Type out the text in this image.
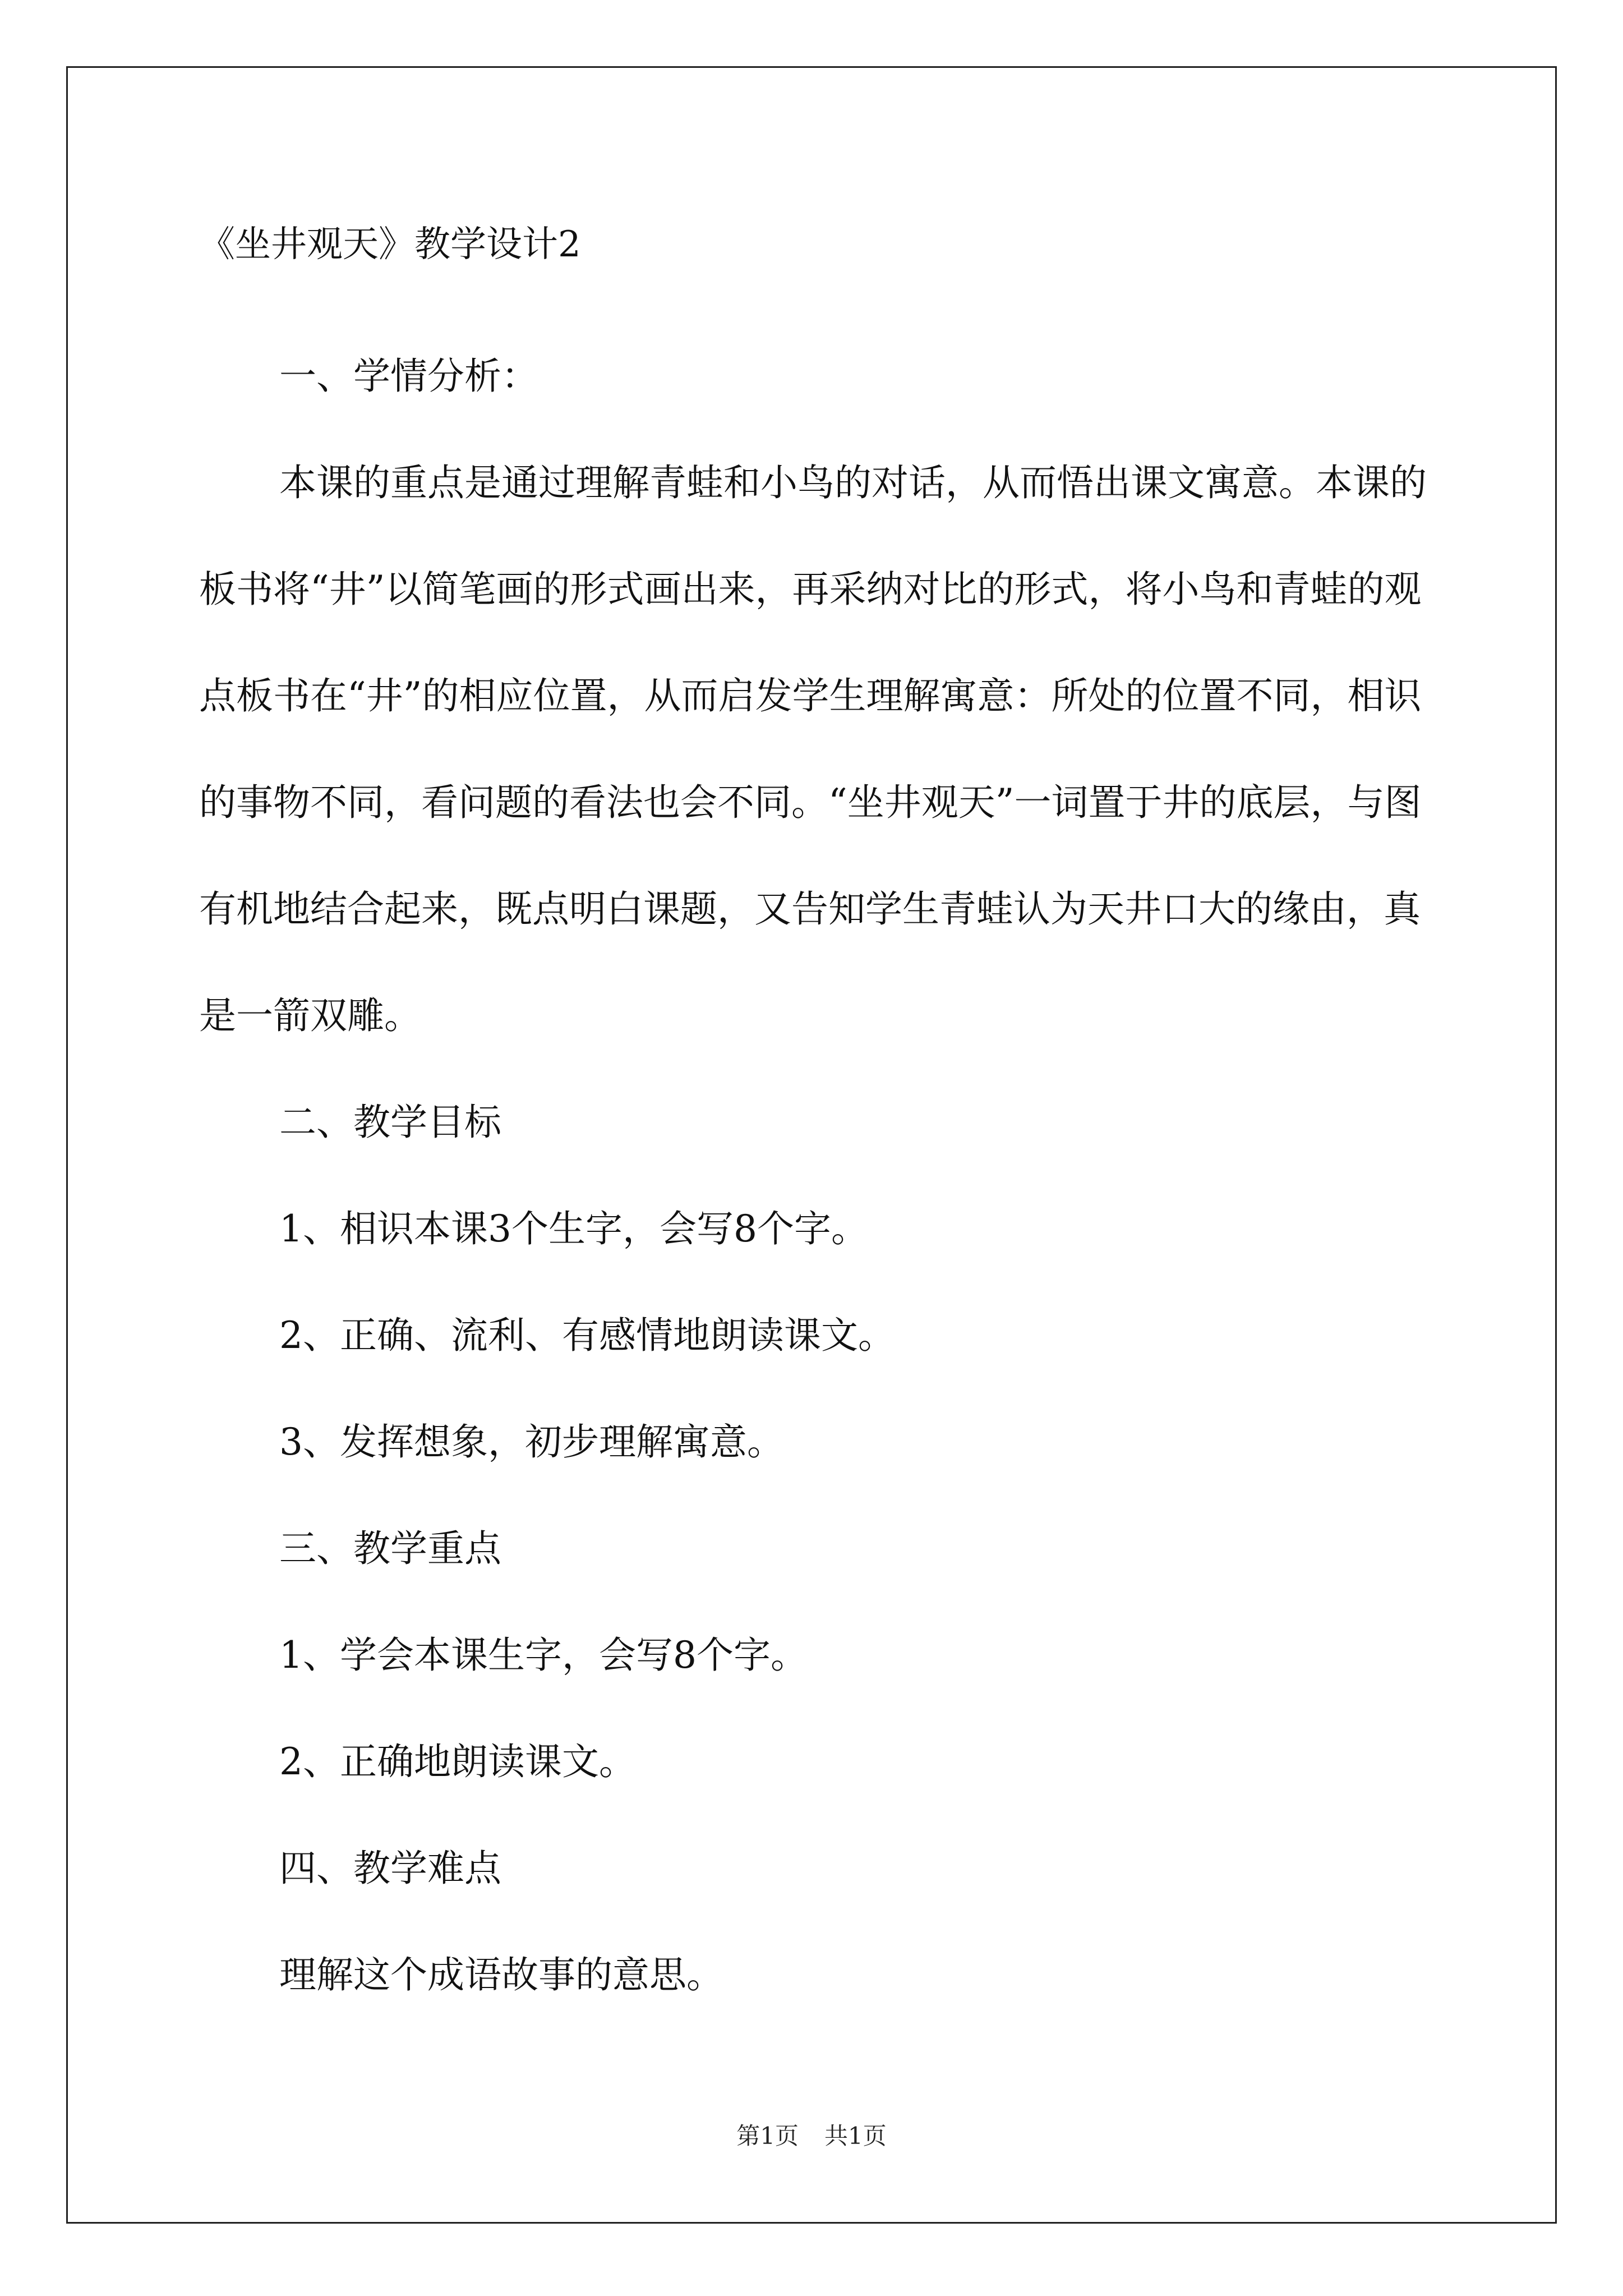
《坐井观天》教学设计2
一、学情分析：

本课的重点是通过理解青蛙和小鸟的对话，从而悟出课文寓意。本课的板书将“井”以简笔画的形式画出来，再采纳对比的形式，将小鸟和青蛙的观点板书在“井”的相应位置，从而启发学生理解寓意：所处的位置不同，相识的事物不同，看问题的看法也会不同。“坐井观天”一词置于井的底层，与图有机地结合起来，既点明白课题，又告知学生青蛙认为天井口大的缘由，真是一箭双雕。

二、教学目标
1、相识本课3个生字，会写8个字。
2、正确、流利、有感情地朗读课文。
3、发挥想象，初步理解寓意。
三、教学重点
1、学会本课生字，会写8个字。
2、正确地朗读课文。
四、教学难点
理解这个成语故事的意思。
第1页 共1页
